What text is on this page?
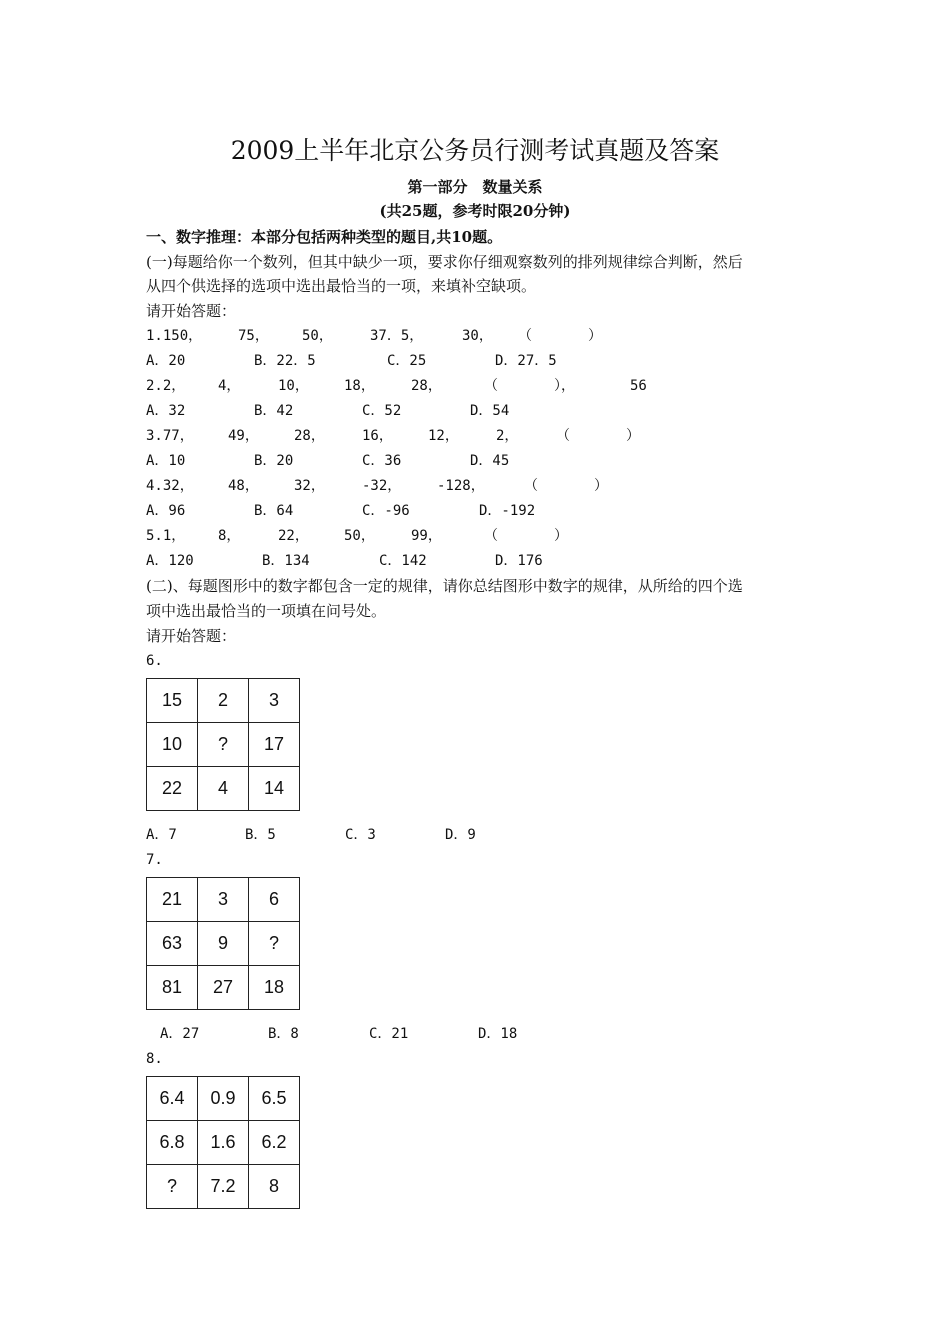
2009上半年北京公务员行测考试真题及答案
第一部分　数量关系
(共25题，参考时限20分钟)
一、数字推理：本部分包括两种类型的题目,共10题。
(一)每题给你一个数列，但其中缺少一项，要求你仔细观察数列的排列规律综合判断，然后
从四个供选择的选项中选出最恰当的一项，来填补空缺项。
请开始答题：
1.150，	75， 50，	37．5，	30， （　　　　）
A．20	B．22．5	C．25	D．27．5
2.2， 4，	10，	18，	28，	（　　　　），	56
A．32	B．42	C．52	D．54
3.77， 49，	28，	16，	12，	2，	（　　　　）
A．10	B．20	C．36	D．45
4.32， 48，	32，	-32，	-128，	（　　　　）
A．96	B．64	C．-96	D．-192
5.1， 8，	22，	50，	99，	（　　　　）
A．120	B．134	C．142	D．176
(二)、每题图形中的数字都包含一定的规律，请你总结图形中数字的规律，从所给的四个选
项中选出最恰当的一项填在问号处。
请开始答题：
6.
15	2	3
10	?	17
22	4	14
A．7	B．5	C．3	D．9
7.
21	3	6
63	9	?
81	27	18
A．27	B．8	C．21	D．18
8.
6.4	0.9	6.5
6.8	1.6	6.2
?	7.2	8
